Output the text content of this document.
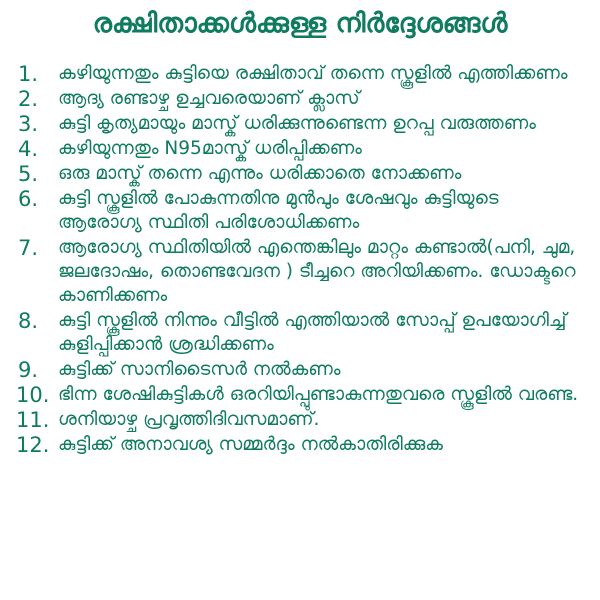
രക്ഷിതാക്കൾക്കുള്ള നിർദ്ദേശങ്ങൾ
1. കഴിയുന്നതും കുട്ടിയെ രക്ഷിതാവ് തന്നെ സ്കൂളിൽ എത്തിക്കണം
2. ആദ്യ രണ്ടാഴ്ച ഉച്ചവരെയാണ് ക്ലാസ്
3. കുട്ടി കൃത്യമായും മാസ്ക് ധരിക്കുന്നുണ്ടെന്ന ഉറപ്പ വരുത്തണം
4. കഴിയുന്നതും N95മാസ്ക് ധരിപ്പിക്കണം
5. ഒരു മാസ്ക് തന്നെ എന്നും ധരിക്കാതെ നോക്കണം
6. കുട്ടി സ്കൂളിൽ പോകുന്നതിനു മുൻപും ശേഷവും കുട്ടിയുടെ ആരോഗ്യ സ്ഥിതി പരിശോധിക്കണം
7. ആരോഗ്യ സ്ഥിതിയിൽ എന്തെങ്കിലും മാറ്റം കണ്ടാൽ(പനി, ചുമ, ജലദോഷം, തൊണ്ടവേദന ) ടീച്ചറെ അറിയിക്കണം. ഡോക്ടറെ കാണിക്കണം
8. കുട്ടി സ്കൂളിൽ നിന്നും വീട്ടിൽ എത്തിയാൽ സോപ്പ് ഉപയോഗിച്ച് കുളിപ്പിക്കാൻ ശ്രദ്ധിക്കണം
9. കുട്ടിക്ക് സാനിടൈസർ നൽകണം
10. ഭിന്ന ശേഷികുട്ടികൾ ഒരറിയിപ്പുണ്ടാകുന്നതുവരെ സ്കൂളിൽ വരണ്ട.
11. ശനിയാഴ്ച പ്രവൃത്തിദിവസമാണ്.
12. കുട്ടിക്ക് അനാവശ്യ സമ്മർദ്ദം നൽകാതിരിക്കുക
